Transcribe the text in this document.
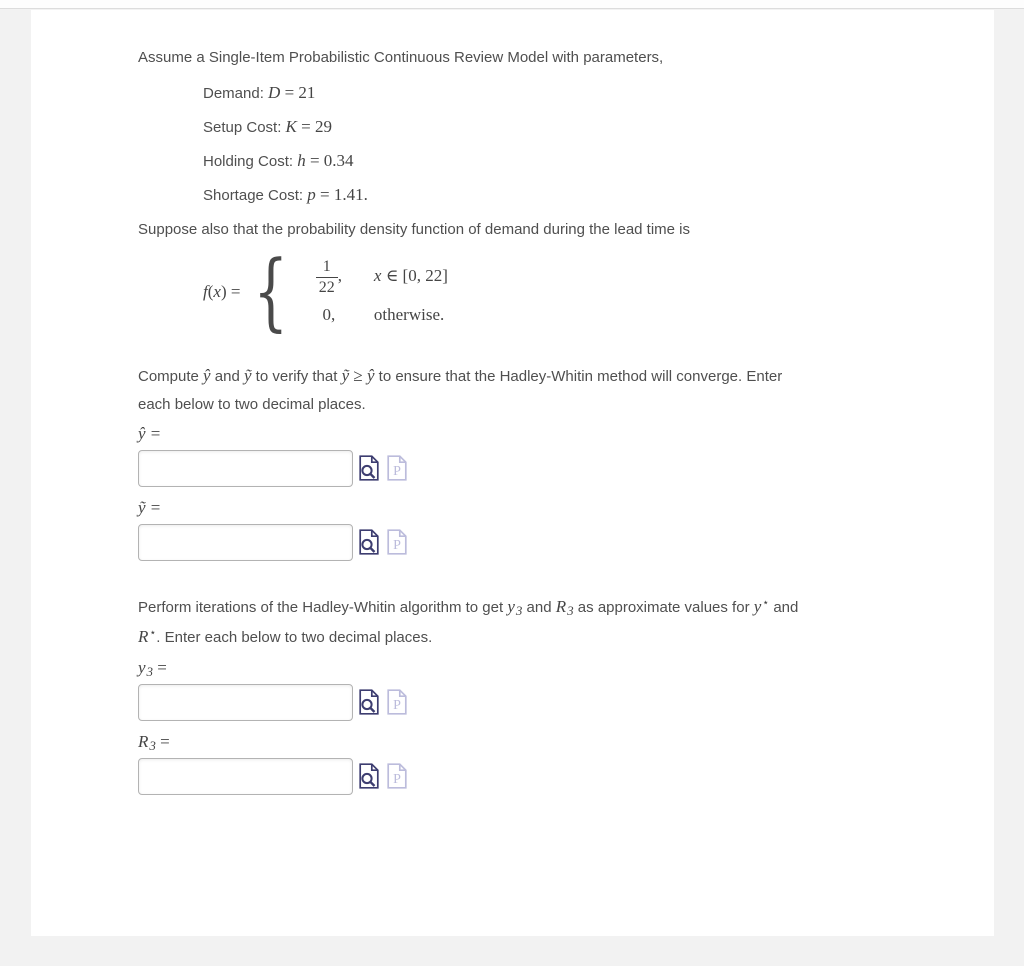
Assume a Single-Item Probabilistic Continuous Review Model with parameters,

Demand: D = 21
Setup Cost: K = 29
Holding Cost: h = 0.34
Shortage Cost: p = 1.41.

Suppose also that the probability density function of demand during the lead time is

f(x) = { $\frac{1}{22}$ ,	x ∈ [0, 22]
0,	otherwise.

Compute ŷ and ỹ to verify that ỹ ≥ ŷ to ensure that the Hadley-Whitin method will converge. Enter
each below to two decimal places.

ŷ =
P
ỹ =
P

Perform iterations of the Hadley-Whitin algorithm to get y3 and R3 as approximate values for y⋆ and
R⋆. Enter each below to two decimal places.

y3 =
P
R3 =
P
